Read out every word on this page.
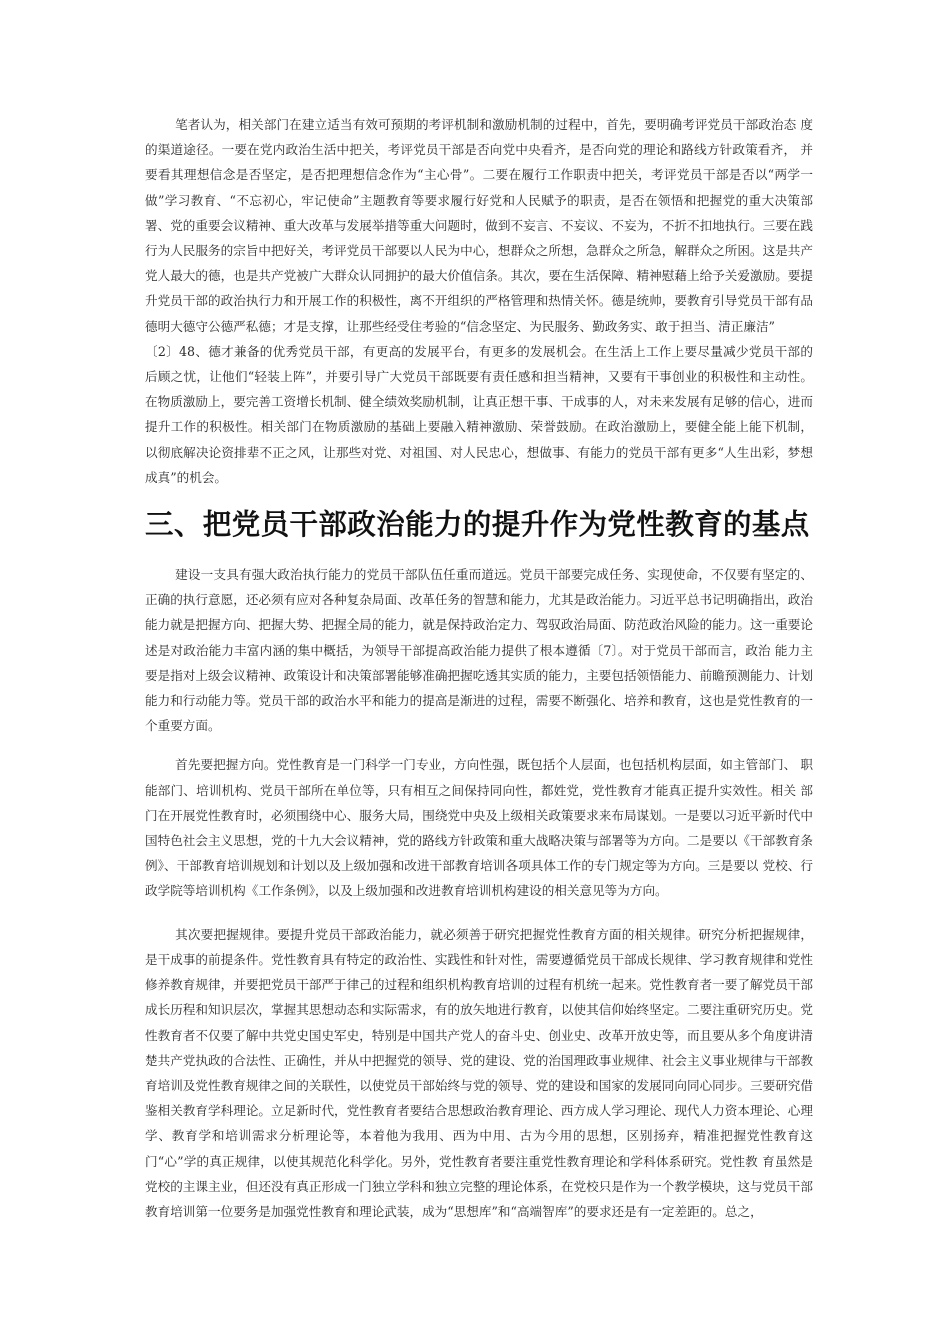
笔者认为，相关部门在建立适当有效可预期的考评机制和激励机制的过程中，首先，要明确考评党员干部政治态 度的渠道途径。一要在党内政治生活中把关，考评党员干部是否向党中央看齐，是否向党的理论和路线方针政策看齐， 并要看其理想信念是否坚定，是否把理想信念作为“主心骨”。二要在履行工作职责中把关，考评党员干部是否以“两学一做”学习教育、“不忘初心，牢记使命”主题教育等要求履行好党和人民赋予的职责，是否在领悟和把握党的重大决策部署、党的重要会议精神、重大改革与发展举措等重大问题时，做到不妄言、不妄议、不妄为，不折不扣地执行。三要在践行为人民服务的宗旨中把好关，考评党员干部要以人民为中心，想群众之所想，急群众之所急，解群众之所困。这是共产党人最大的德，也是共产党被广大群众认同拥护的最大价值信条。其次，要在生活保障、精神慰藉上给予关爱激励。要提升党员干部的政治执行力和开展工作的积极性，离不开组织的严格管理和热情关怀。德是统帅，要教育引导党员干部有品德明大德守公德严私德；才是支撑，让那些经受住考验的“信念坚定、为民服务、勤政务实、敢于担当、清正廉洁”

〔2〕48、德才兼备的优秀党员干部，有更高的发展平台，有更多的发展机会。在生活上工作上要尽量减少党员干部的 后顾之忧，让他们“轻装上阵”，并要引导广大党员干部既要有责任感和担当精神，又要有干事创业的积极性和主动性。 在物质激励上，要完善工资增长机制、健全绩效奖励机制，让真正想干事、干成事的人，对未来发展有足够的信心，进而提升工作的积极性。相关部门在物质激励的基础上要融入精神激励、荣誉鼓励。在政治激励上，要健全能上能下机制， 以彻底解决论资排辈不正之风，让那些对党、对祖国、对人民忠心，想做事、有能力的党员干部有更多“人生出彩，梦想成真”的机会。

三、把党员干部政治能力的提升作为党性教育的基点

建设一支具有强大政治执行能力的党员干部队伍任重而道远。党员干部要完成任务、实现使命，不仅要有坚定的、正确的执行意愿，还必须有应对各种复杂局面、改革任务的智慧和能力，尤其是政治能力。习近平总书记明确指出，政治能力就是把握方向、把握大势、把握全局的能力，就是保持政治定力、驾驭政治局面、防范政治风险的能力。这一重要论述是对政治能力丰富内涵的集中概括，为领导干部提高政治能力提供了根本遵循〔7〕。对于党员干部而言，政治 能力主要是指对上级会议精神、政策设计和决策部署能够准确把握吃透其实质的能力，主要包括领悟能力、前瞻预测能力、计划能力和行动能力等。党员干部的政治水平和能力的提高是渐进的过程，需要不断强化、培养和教育，这也是党性教育的一个重要方面。

首先要把握方向。党性教育是一门科学一门专业，方向性强，既包括个人层面，也包括机构层面，如主管部门、 职能部门、培训机构、党员干部所在单位等，只有相互之间保持同向性，都姓党，党性教育才能真正提升实效性。相关 部门在开展党性教育时，必须围绕中心、服务大局，围绕党中央及上级相关政策要求来布局谋划。一是要以习近平新时代中国特色社会主义思想，党的十九大会议精神，党的路线方针政策和重大战略决策与部署等为方向。二是要以《干部教育条例》、干部教育培训规划和计划以及上级加强和改进干部教育培训各项具体工作的专门规定等为方向。三是要以 党校、行政学院等培训机构《工作条例》，以及上级加强和改进教育培训机构建设的相关意见等为方向。

其次要把握规律。要提升党员干部政治能力，就必须善于研究把握党性教育方面的相关规律。研究分析把握规律，是干成事的前提条件。党性教育具有特定的政治性、实践性和针对性，需要遵循党员干部成长规律、学习教育规律和党性修养教育规律，并要把党员干部严于律己的过程和组织机构教育培训的过程有机统一起来。党性教育者一要了解党员干部成长历程和知识层次，掌握其思想动态和实际需求，有的放矢地进行教育，以使其信仰始终坚定。二要注重研究历史。党性教育者不仅要了解中共党史国史军史，特别是中国共产党人的奋斗史、创业史、改革开放史等，而且要从多个角度讲清楚共产党执政的合法性、正确性，并从中把握党的领导、党的建设、党的治国理政事业规律、社会主义事业规律与干部教育培训及党性教育规律之间的关联性，以使党员干部始终与党的领导、党的建设和国家的发展同向同心同步。三要研究借鉴相关教育学科理论。立足新时代，党性教育者要结合思想政治教育理论、西方成人学习理论、现代人力资本理论、心理学、教育学和培训需求分析理论等，本着他为我用、西为中用、古为今用的思想，区别扬弃，精准把握党性教育这门“心”学的真正规律，以使其规范化科学化。另外，党性教育者要注重党性教育理论和学科体系研究。党性教 育虽然是党校的主课主业，但还没有真正形成一门独立学科和独立完整的理论体系，在党校只是作为一个教学模块，这与党员干部教育培训第一位要务是加强党性教育和理论武装，成为“思想库”和“高端智库”的要求还是有一定差距的。总之，
